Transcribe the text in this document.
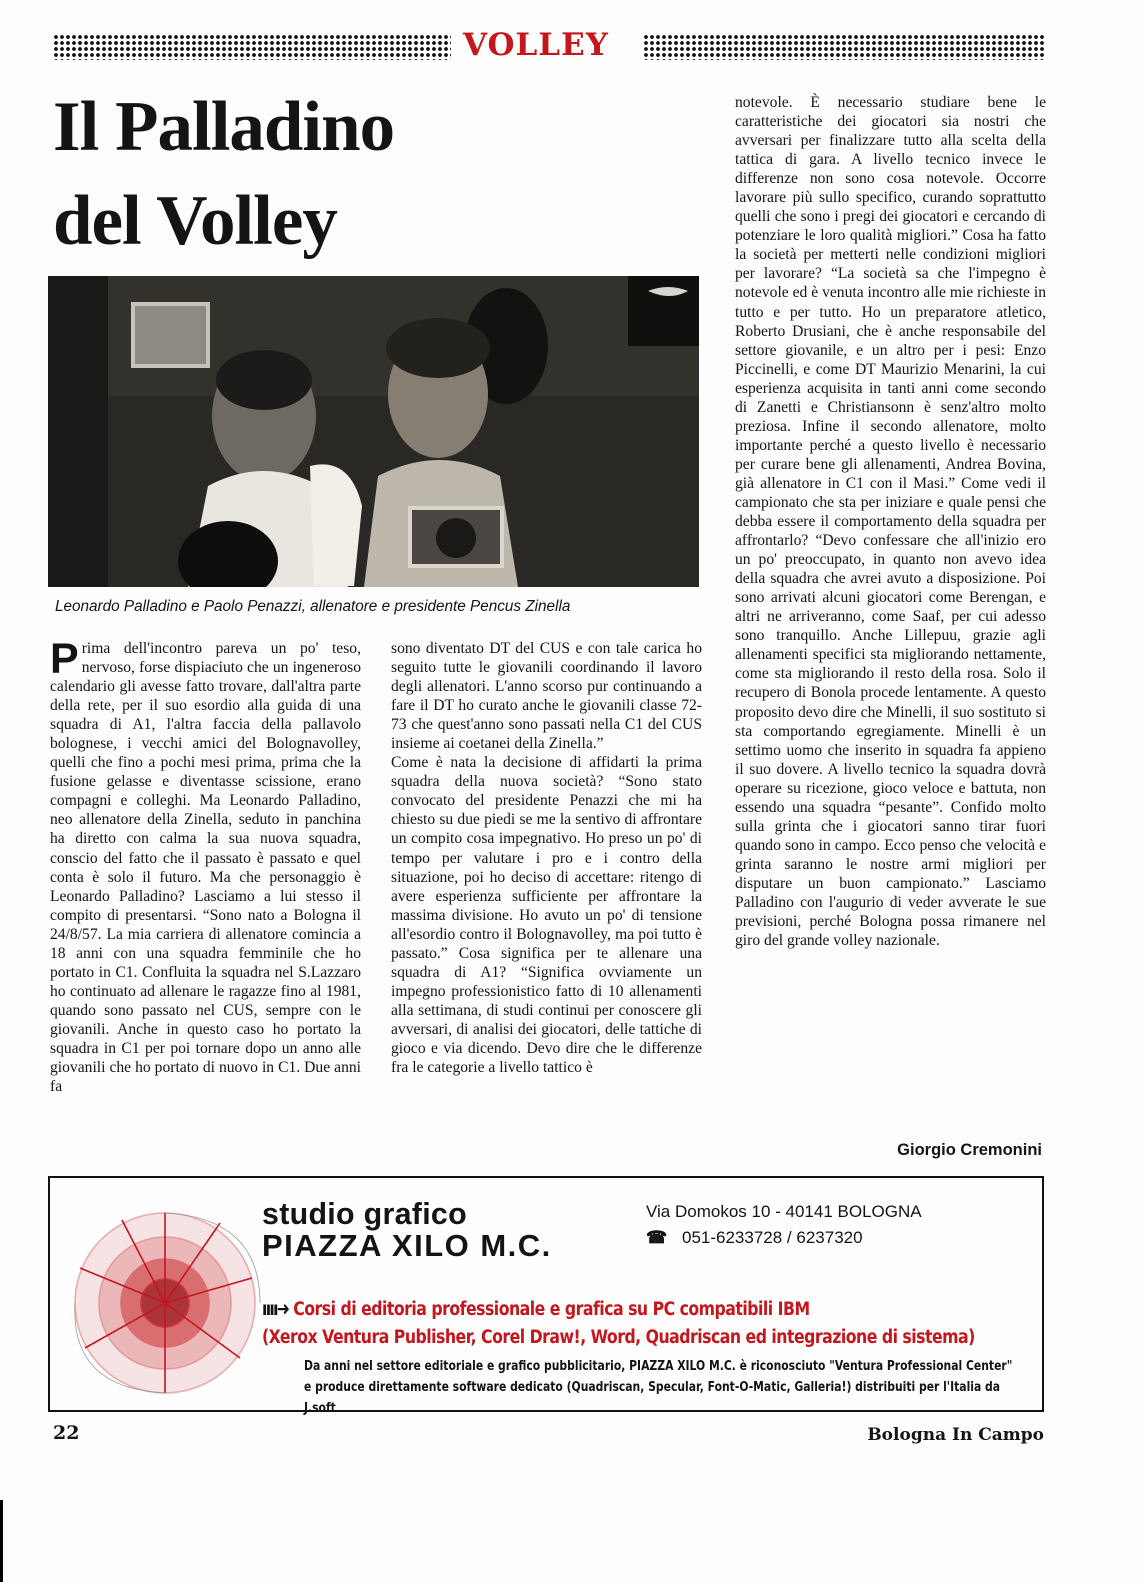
VOLLEY
Il Palladino
del Volley
Leonardo Palladino e Paolo Penazzi, allenatore e presidente Pencus Zinella

Prima dell'incontro pareva un po' teso, nervoso, forse dispiaciuto che un ingeneroso calendario gli avesse fatto trovare, dall'altra parte della rete, per il suo esordio alla guida di una squadra di A1, l'altra faccia della pallavolo bolognese, i vecchi amici del Bolognavolley, quelli che fino a pochi mesi prima, prima che la fusione gelasse e diventasse scissione, erano compagni e colleghi. Ma Leonardo Palladino, neo allenatore della Zinella, seduto in panchina ha diretto con calma la sua nuova squadra, conscio del fatto che il passato è passato e quel conta è solo il futuro. Ma che personaggio è Leonardo Palladino? Lasciamo a lui stesso il compito di presentarsi. “Sono nato a Bologna il 24/8/57. La mia carriera di allenatore comincia a 18 anni con una squadra femminile che ho portato in C1. Confluita la squadra nel S.Lazzaro ho continuato ad allenare le ragazze fino al 1981, quando sono passato nel CUS, sempre con le giovanili. Anche in questo caso ho portato la squadra in C1 per poi tornare dopo un anno alle giovanili che ho portato di nuovo in C1. Due anni fa

sono diventato DT del CUS e con tale carica ho seguito tutte le giovanili coordinando il lavoro degli allenatori. L'anno scorso pur continuando a fare il DT ho curato anche le giovanili classe 72-73 che quest'anno sono passati nella C1 del CUS insieme ai coetanei della Zinella.”

Come è nata la decisione di affidarti la prima squadra della nuova società? “Sono stato convocato del presidente Penazzi che mi ha chiesto su due piedi se me la sentivo di affrontare un compito cosa impegnativo. Ho preso un po' di tempo per valutare i pro e i contro della situazione, poi ho deciso di accettare: ritengo di avere esperienza sufficiente per affrontare la massima divisione. Ho avuto un po' di tensione all'esordio contro il Bolognavolley, ma poi tutto è passato.” Cosa significa per te allenare una squadra di A1? “Significa ovviamente un impegno professionistico fatto di 10 allenamenti alla settimana, di studi continui per conoscere gli avversari, di analisi dei giocatori, delle tattiche di gioco e via dicendo. Devo dire che le differenze fra le categorie a livello tattico è

notevole. È necessario studiare bene le caratteristiche dei giocatori sia nostri che avversari per finalizzare tutto alla scelta della tattica di gara. A livello tecnico invece le differenze non sono cosa notevole. Occorre lavorare più sullo specifico, curando soprattutto quelli che sono i pregi dei giocatori e cercando di potenziare le loro qualità migliori.” Cosa ha fatto la società per metterti nelle condizioni migliori per lavorare? “La società sa che l'impegno è notevole ed è venuta incontro alle mie richieste in tutto e per tutto. Ho un preparatore atletico, Roberto Drusiani, che è anche responsabile del settore giovanile, e un altro per i pesi: Enzo Piccinelli, e come DT Maurizio Menarini, la cui esperienza acquisita in tanti anni come secondo di Zanetti e Christiansonn è senz'altro molto preziosa. Infine il secondo allenatore, molto importante perché a questo livello è necessario per curare bene gli allenamenti, Andrea Bovina, già allenatore in C1 con il Masi.” Come vedi il campionato che sta per iniziare e quale pensi che debba essere il comportamento della squadra per affrontarlo? “Devo confessare che all'inizio ero un po' preoccupato, in quanto non avevo idea della squadra che avrei avuto a disposizione. Poi sono arrivati alcuni giocatori come Berengan, e altri ne arriveranno, come Saaf, per cui adesso sono tranquillo. Anche Lillepuu, grazie agli allenamenti specifici sta migliorando nettamente, come sta migliorando il resto della rosa. Solo il recupero di Bonola procede lentamente. A questo proposito devo dire che Minelli, il suo sostituto si sta comportando egregiamente. Minelli è un settimo uomo che inserito in squadra fa appieno il suo dovere. A livello tecnico la squadra dovrà operare su ricezione, gioco veloce e battuta, non essendo una squadra “pesante”. Confido molto sulla grinta che i giocatori sanno tirar fuori quando sono in campo. Ecco penso che velocità e grinta saranno le nostre armi migliori per disputare un buon campionato.” Lasciamo Palladino con l'augurio di veder avverate le sue previsioni, perché Bologna possa rimanere nel giro del grande volley nazionale.

Giorgio Cremonini
studio grafico
PIAZZA XILO M.C.
Via Domokos 10 - 40141 BOLOGNA
☎ 051-6233728 / 6237320
ıııı➜ Corsi di editoria professionale e grafica su PC compatibili IBM
(Xerox Ventura Publisher, Corel Draw!, Word, Quadriscan ed integrazione di sistema)
Da anni nel settore editoriale e grafico pubblicitario, PIAZZA XILO M.C. è riconosciuto "Ventura Professional Center"
e produce direttamente software dedicato (Quadriscan, Specular, Font-O-Matic, Galleria!) distribuiti per l'Italia da J.soft
22	Bologna In Campo
